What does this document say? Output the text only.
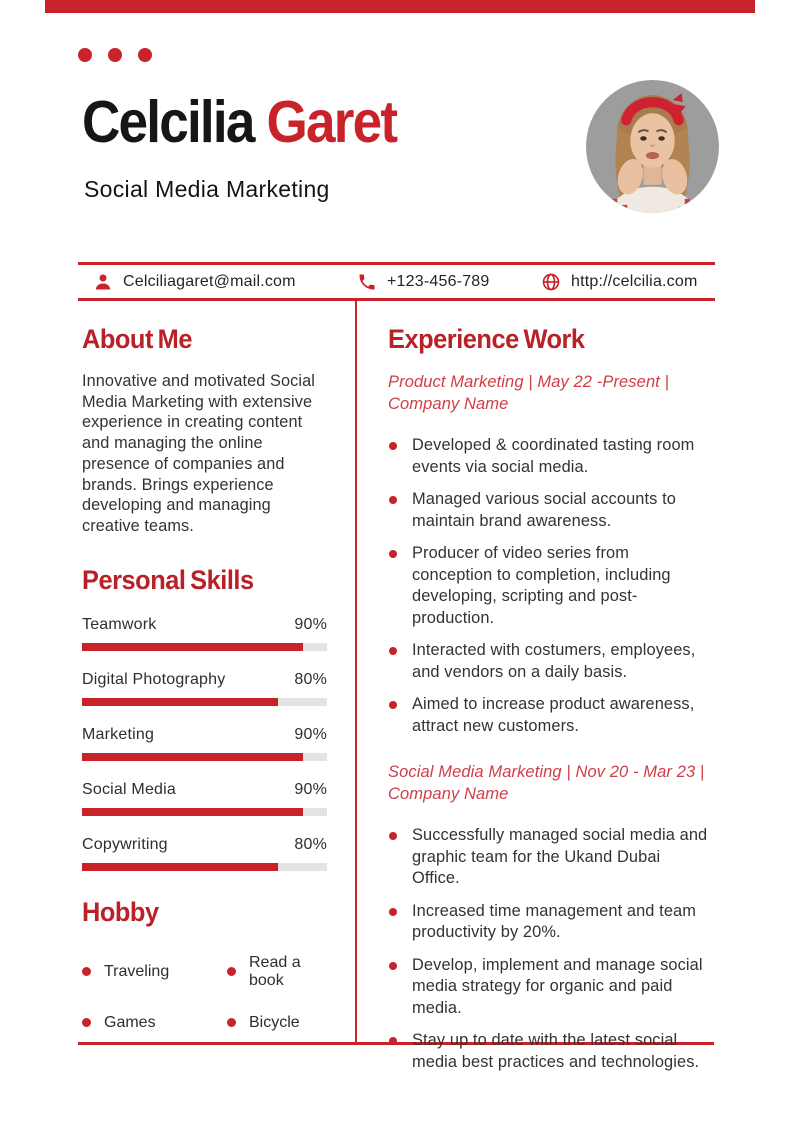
Celcilia Garet
Social Media Marketing
Celciliagaret@mail.com	+123-456-789	http://celcilia.com
About Me

Innovative and motivated Social Media Marketing with extensive experience in creating content and managing the online presence of companies and brands. Brings experience developing and managing creative teams.

Personal Skills
Teamwork	90%
Digital Photography	80%
Marketing	90%
Social Media	90%
Copywriting	80%
Hobby
Traveling
Read a book
Games	Bicycle
Experience Work

Product Marketing | May 22 -Present | Company Name

Developed & coordinated tasting room events via social media.
Managed various social accounts to maintain brand awareness.
Producer of video series from conception to completion, including developing, scripting and post-production.
Interacted with costumers, employees, and vendors on a daily basis.
Aimed to increase product awareness, attract new customers.

Social Media Marketing | Nov 20 - Mar 23 | Company Name

Successfully managed social media and graphic team for the Ukand Dubai Office.
Increased time management and team productivity by 20%.
Develop, implement and manage social media strategy for organic and paid media.
Stay up to date with the latest social media best practices and technologies.
